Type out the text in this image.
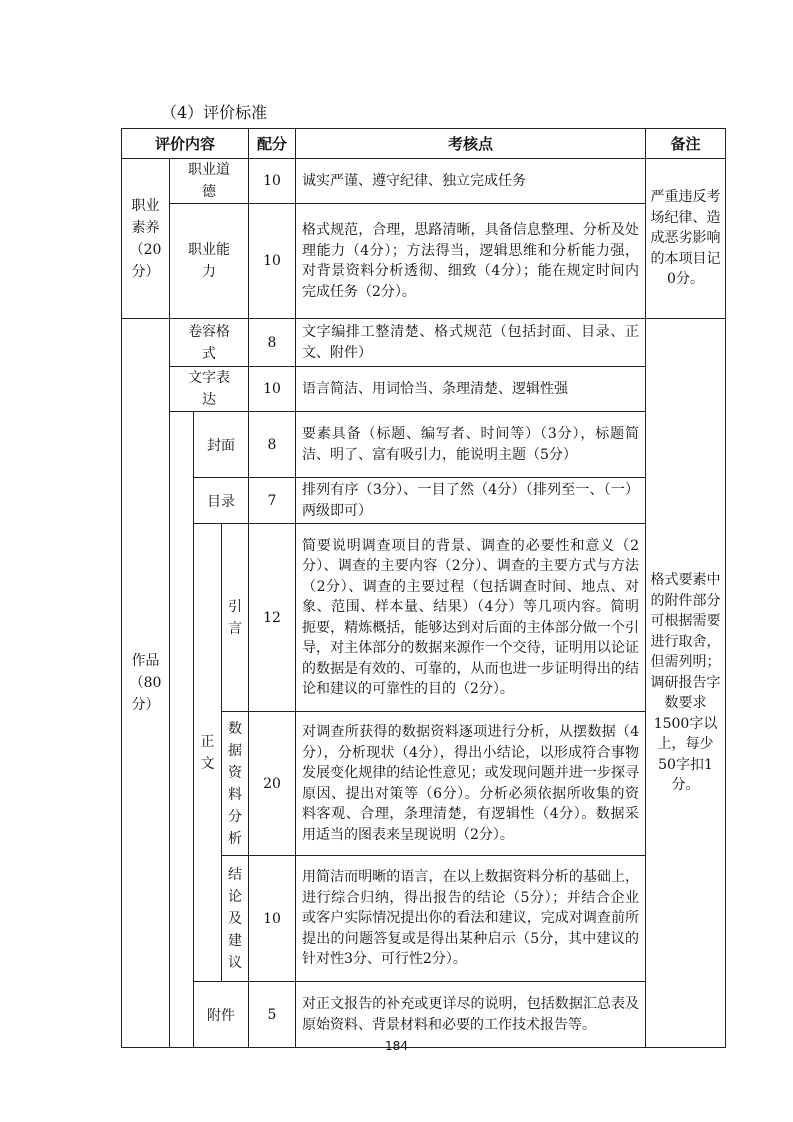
（4）评价标准
评价内容				配分	考核点	备注

职业素养（20分）	职业道德			10	诚实严谨、遵守纪律、独立完成任务	严重违反考场纪律、造成恶劣影响的本项目记0分。

	职业能力			10	格式规范，合理，思路清晰，具备信息整理、分析及处理能力（4分）；方法得当，逻辑思维和分析能力强，对背景资料分析透彻、细致（4分）；能在规定时间内完成任务（2分）。	

作品（80分）	卷容格式			8	文字编排工整清楚、格式规范（包括封面、目录、正文、附件）	格式要素中的附件部分可根据需要进行取舍，但需列明；调研报告字数要求1500字以上，每少50字扣1分。

	文字表达			10	语言简洁、用词恰当、条理清楚、逻辑性强	

		封面		8	要素具备（标题、编写者、时间等）（3分），标题简洁、明了、富有吸引力，能说明主题（5分）	

		目录		7	排列有序（3分）、一目了然（4分）（排列至一、（一）两级即可）	

		正文	引言	12	简要说明调查项目的背景、调查的必要性和意义（2分）、调查的主要内容（2分）、调查的主要方式与方法（2分）、调查的主要过程（包括调查时间、地点、对象、范围、样本量、结果）（4分）等几项内容。简明扼要，精炼概括，能够达到对后面的主体部分做一个引导，对主体部分的数据来源作一个交待，证明用以论证的数据是有效的、可靠的，从而也进一步证明得出的结论和建议的可靠性的目的（2分）。	

			数据资料分析	20	对调查所获得的数据资料逐项进行分析，从摆数据（4分），分析现状（4分），得出小结论，以形成符合事物发展变化规律的结论性意见；或发现问题并进一步探寻原因、提出对策等（6分）。分析必须依据所收集的资料客观、合理，条理清楚，有逻辑性（4分）。数据采用适当的图表来呈现说明（2分）。	

			结论及建议	10	用简洁而明晰的语言，在以上数据资料分析的基础上，进行综合归纳，得出报告的结论（5分）；并结合企业或客户实际情况提出你的看法和建议，完成对调查前所提出的问题答复或是得出某种启示（5分，其中建议的针对性3分、可行性2分）。	

		附件		5	对正文报告的补充或更详尽的说明，包括数据汇总表及原始资料、背景材料和必要的工作技术报告等。	
184
